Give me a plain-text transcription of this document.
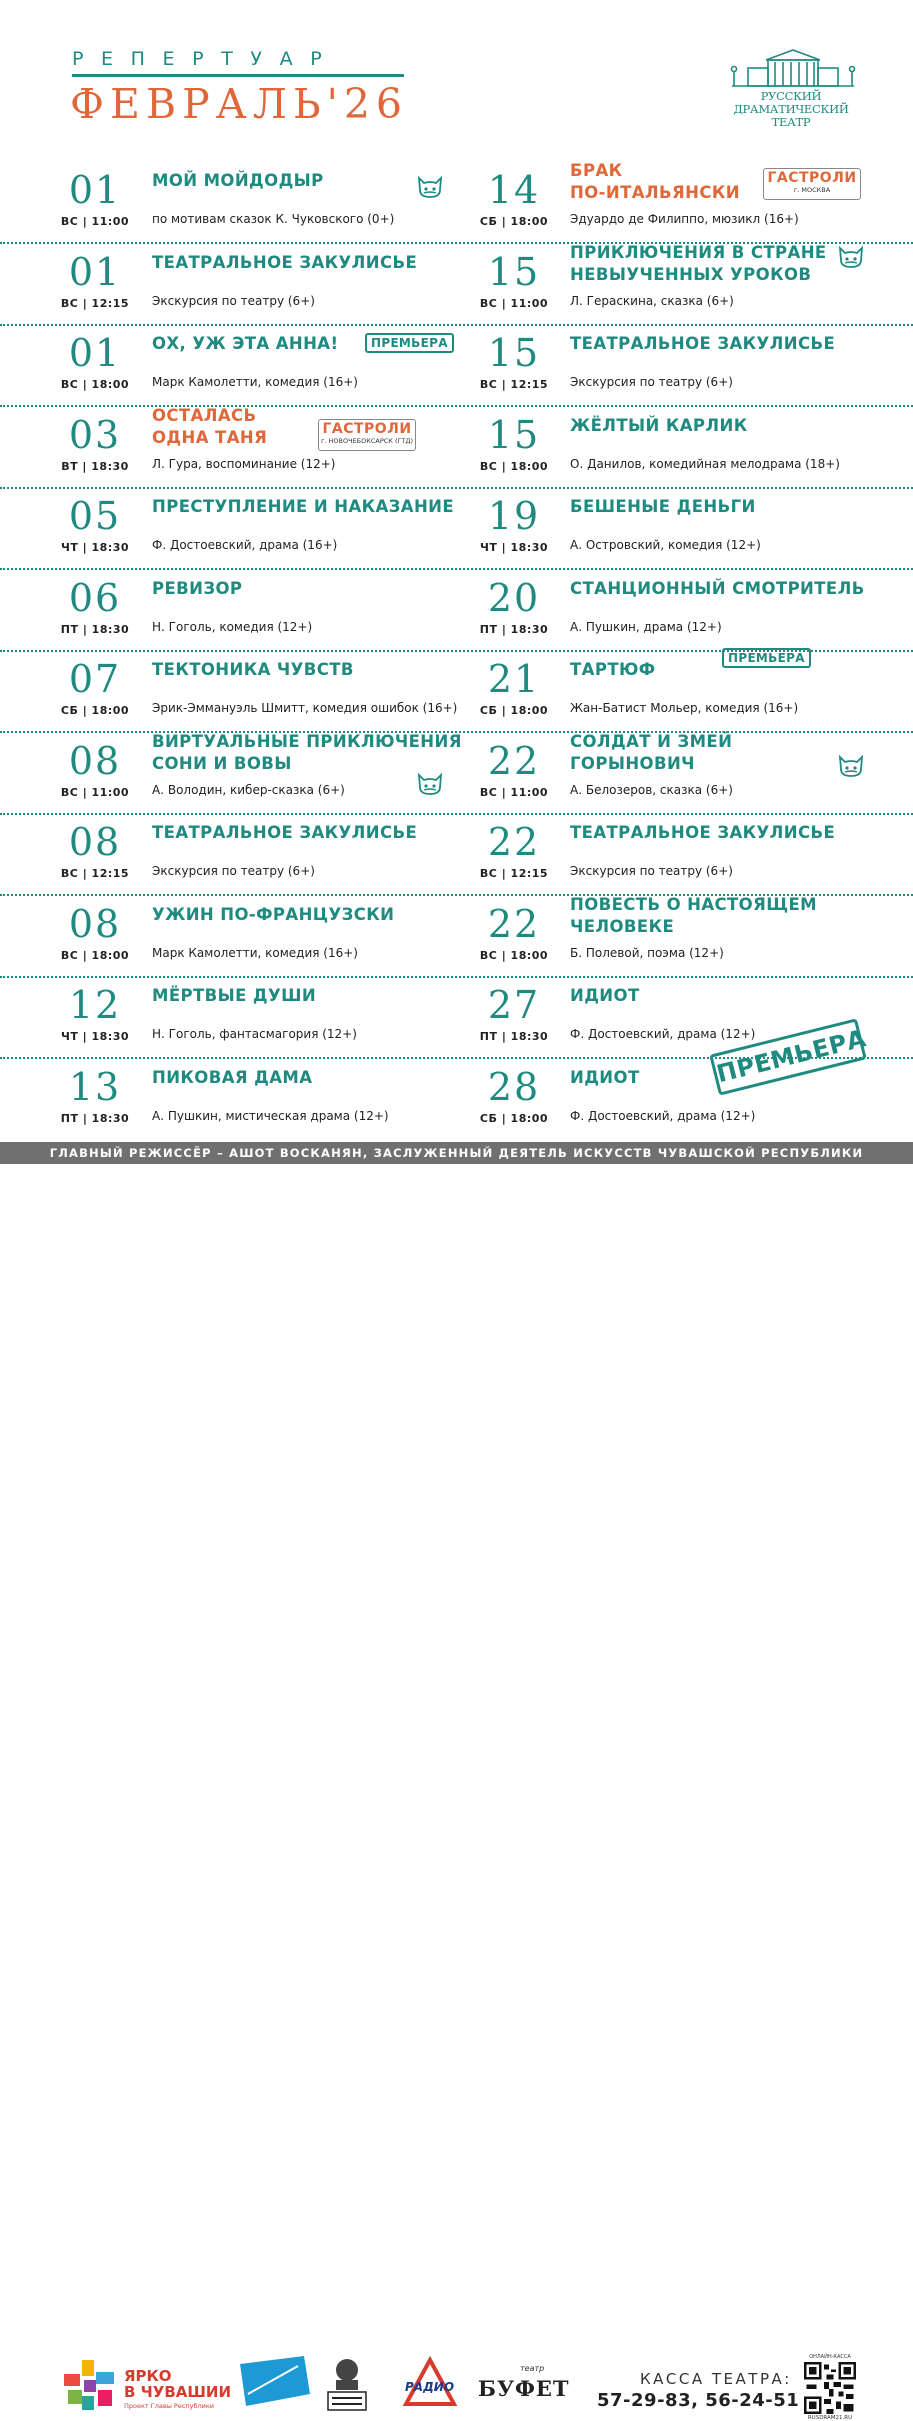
РЕПЕРТУАР
ФЕВРАЛЬ'26	РУССКИЙ
ДРАМАТИЧЕСКИЙ
ТЕАТР
01
ВС | 11:00
МОЙ МОЙДОДЫР
по мотивам сказок К. Чуковского (0+)
14
СБ | 18:00
БРАК
ПО-ИТАЛЬЯНСКИ
Эдуардо де Филиппо, мюзикл (16+)
ГАСТРОЛИ
г. МОСКВА
01
ВС | 12:15
ТЕАТРАЛЬНОЕ ЗАКУЛИСЬЕ
Экскурсия по театру (6+)
15
ВС | 11:00
ПРИКЛЮЧЕНИЯ В СТРАНЕ
НЕВЫУЧЕННЫХ УРОКОВ
Л. Гераскина, сказка (6+)
01
ВС | 18:00
ОХ, УЖ ЭТА АННА!
Марк Камолетти, комедия (16+)
ПРЕМЬЕРА	15
ВС | 12:15
ТЕАТРАЛЬНОЕ ЗАКУЛИСЬЕ
Экскурсия по театру (6+)
03
ВТ | 18:30
ОСТАЛАСЬ
ОДНА ТАНЯ
Л. Гура, воспоминание (12+)
ГАСТРОЛИ
г. НОВОЧЕБОКСАРСК (ГТД)	15
ВС | 18:00
ЖЁЛТЫЙ КАРЛИК
О. Данилов, комедийная мелодрама (18+)
05
ЧТ | 18:30
ПРЕСТУПЛЕНИЕ И НАКАЗАНИЕ
Ф. Достоевский, драма (16+)
19
ЧТ | 18:30
БЕШЕНЫЕ ДЕНЬГИ
А. Островский, комедия (12+)
06
ПТ | 18:30
РЕВИЗОР
Н. Гоголь, комедия (12+)
20
ПТ | 18:30
СТАНЦИОННЫЙ СМОТРИТЕЛЬ
А. Пушкин, драма (12+)
07
СБ | 18:00
ТЕКТОНИКА ЧУВСТВ
Эрик-Эммануэль Шмитт, комедия ошибок (16+)
21
СБ | 18:00
ТАРТЮФ
Жан-Батист Мольер, комедия (16+)
ПРЕМЬЕРА
08
ВС | 11:00
ВИРТУАЛЬНЫЕ ПРИКЛЮЧЕНИЯ
СОНИ И ВОВЫ
А. Володин, кибер-сказка (6+)
22
ВС | 11:00
СОЛДАТ И ЗМЕЙ
ГОРЫНОВИЧ
А. Белозеров, сказка (6+)
08
ВС | 12:15
ТЕАТРАЛЬНОЕ ЗАКУЛИСЬЕ
Экскурсия по театру (6+)
22
ВС | 12:15
ТЕАТРАЛЬНОЕ ЗАКУЛИСЬЕ
Экскурсия по театру (6+)
08
ВС | 18:00
УЖИН ПО-ФРАНЦУЗСКИ
Марк Камолетти, комедия (16+)
22
ВС | 18:00
ПОВЕСТЬ О НАСТОЯЩЕМ
ЧЕЛОВЕКЕ
Б. Полевой, поэма (12+)
12
ЧТ | 18:30
МЁРТВЫЕ ДУШИ
Н. Гоголь, фантасмагория (12+)
27
ПТ | 18:30
ИДИОТ
Ф. Достоевский, драма (12+)
13
ПТ | 18:30
ПИКОВАЯ ДАМА
А. Пушкин, мистическая драма (12+)
28
СБ | 18:00
ИДИОТ
Ф. Достоевский, драма (12+)
ПРЕМЬЕРА
ГЛАВНЫЙ РЕЖИССЁР – АШОТ ВОСКАНЯН, ЗАСЛУЖЕННЫЙ ДЕЯТЕЛЬ ИСКУССТВ ЧУВАШСКОЙ РЕСПУБЛИКИ
ЯРКО
В ЧУВАШИИ
Проект Главы Республики
РАДИО
театр
БУФЕТ	КАССА ТЕАТРА:
57-29-83, 56-24-51
ОНЛАЙН-КАССА
RUSDRAM21.RU
